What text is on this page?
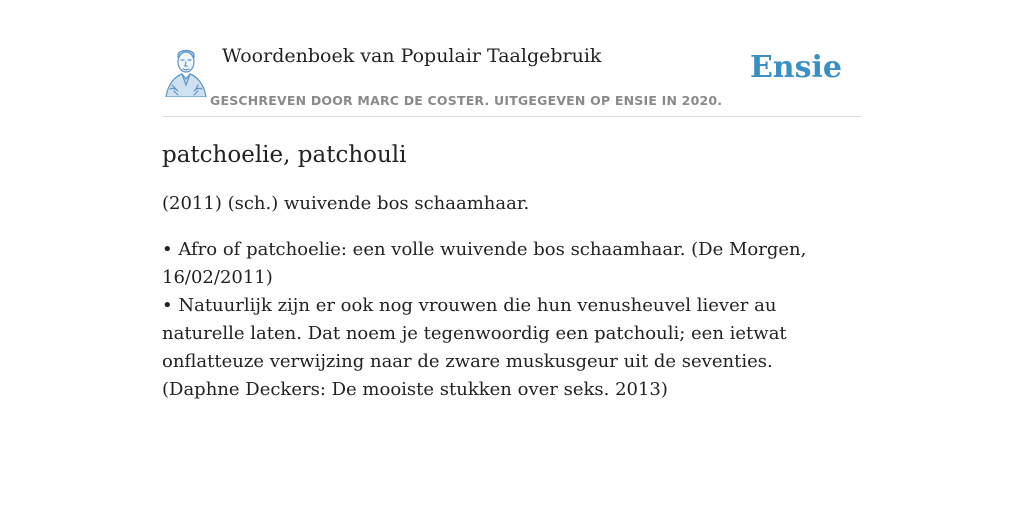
Woordenboek van Populair Taalgebruik
GESCHREVEN DOOR MARC DE COSTER. UITGEGEVEN OP ENSIE IN 2020.
Ensie
patchoelie, patchouli

(2011) (sch.) wuivende bos schaamhaar.

• Afro of patchoelie: een volle wuivende bos schaamhaar. (De Morgen, 16/02/2011)
• Natuurlijk zijn er ook nog vrouwen die hun venusheuvel liever au naturelle laten. Dat noem je tegenwoordig een patchouli; een ietwat onflatteuze verwijzing naar de zware muskusgeur uit de seventies. (Daphne Deckers: De mooiste stukken over seks. 2013)
